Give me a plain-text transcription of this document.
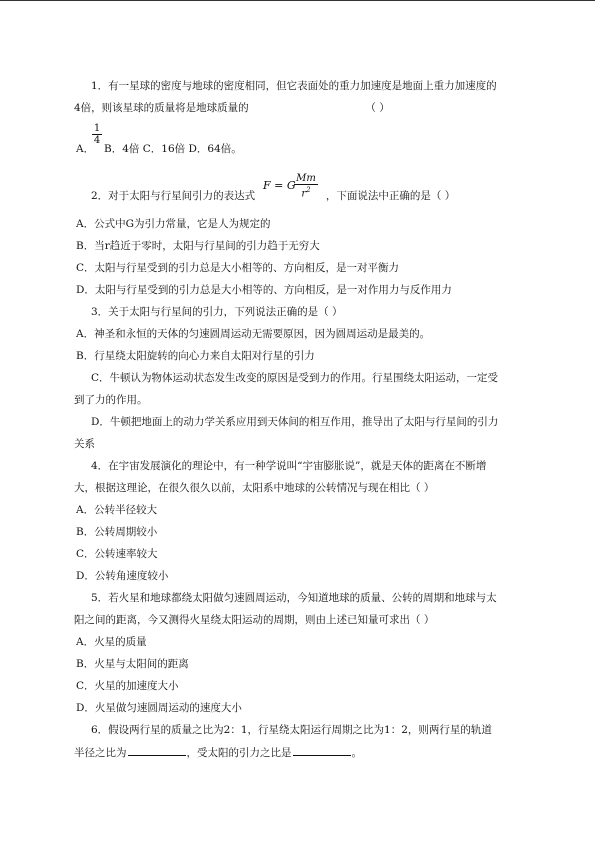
1．有一星球的密度与地球的密度相同，但它表面处的重力加速度是地面上重力加速度的
4倍，则该星球的质量将是地球质量的	（ ）
$\frac{1}{4}$
A． B．4倍 C．16倍 D．64倍。
F = G
$\frac{Mm}{r^2}$
2．对于太阳与行星间引力的表达式	，下面说法中正确的是（ ）
A．公式中G为引力常量，它是人为规定的
B．当r趋近于零时，太阳与行星间的引力趋于无穷大
C．太阳与行星受到的引力总是大小相等的、方向相反，是一对平衡力
D．太阳与行星受到的引力总是大小相等的、方向相反，是一对作用力与反作用力
3．关于太阳与行星间的引力，下列说法正确的是（ ）
A．神圣和永恒的天体的匀速圆周运动无需要原因，因为圆周运动是最美的。
B．行星绕太阳旋转的向心力来自太阳对行星的引力
C．牛顿认为物体运动状态发生改变的原因是受到力的作用。行星围绕太阳运动，一定受
到了力的作用。
D．牛顿把地面上的动力学关系应用到天体间的相互作用，推导出了太阳与行星间的引力
关系
4．在宇宙发展演化的理论中，有一种学说叫“宇宙膨胀说”，就是天体的距离在不断增
大，根据这理论，在很久很久以前，太阳系中地球的公转情况与现在相比（ ）
A．公转半径较大
B．公转周期较小
C．公转速率较大
D．公转角速度较小
5．若火星和地球都绕太阳做匀速圆周运动，今知道地球的质量、公转的周期和地球与太
阳之间的距离，今又测得火星绕太阳运动的周期，则由上述已知量可求出（ ）
A．火星的质量
B．火星与太阳间的距离
C．火星的加速度大小
D．火星做匀速圆周运动的速度大小
6．假设两行星的质量之比为2：1，行星绕太阳运行周期之比为1：2，则两行星的轨道
半径之比为	，受太阳的引力之比是	。
